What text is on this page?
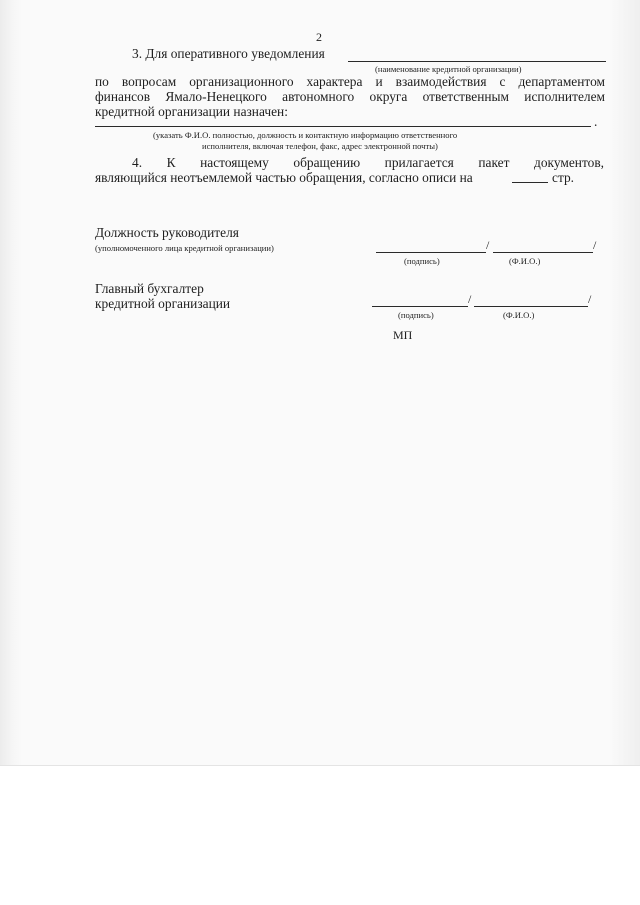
2
3. Для оперативного уведомления
(наименование кредитной организации)
по вопросам организационного характера и взаимодействия с департаментом
финансов Ямало-Ненецкого автономного округа ответственным исполнителем
кредитной организации назначен:
.
(указать Ф.И.О. полностью, должность и контактную информацию ответственного
исполнителя, включая телефон, факс, адрес электронной почты)
4. К настоящему обращению прилагается пакет документов,
являющийся неотъемлемой частью обращения, согласно описи на	стр.
Должность руководителя
(уполномоченного лица кредитной организации)	/	/
(подпись)	(Ф.И.О.)
Главный бухгалтер
кредитной организации	/	/
(подпись)	(Ф.И.О.)
МП
